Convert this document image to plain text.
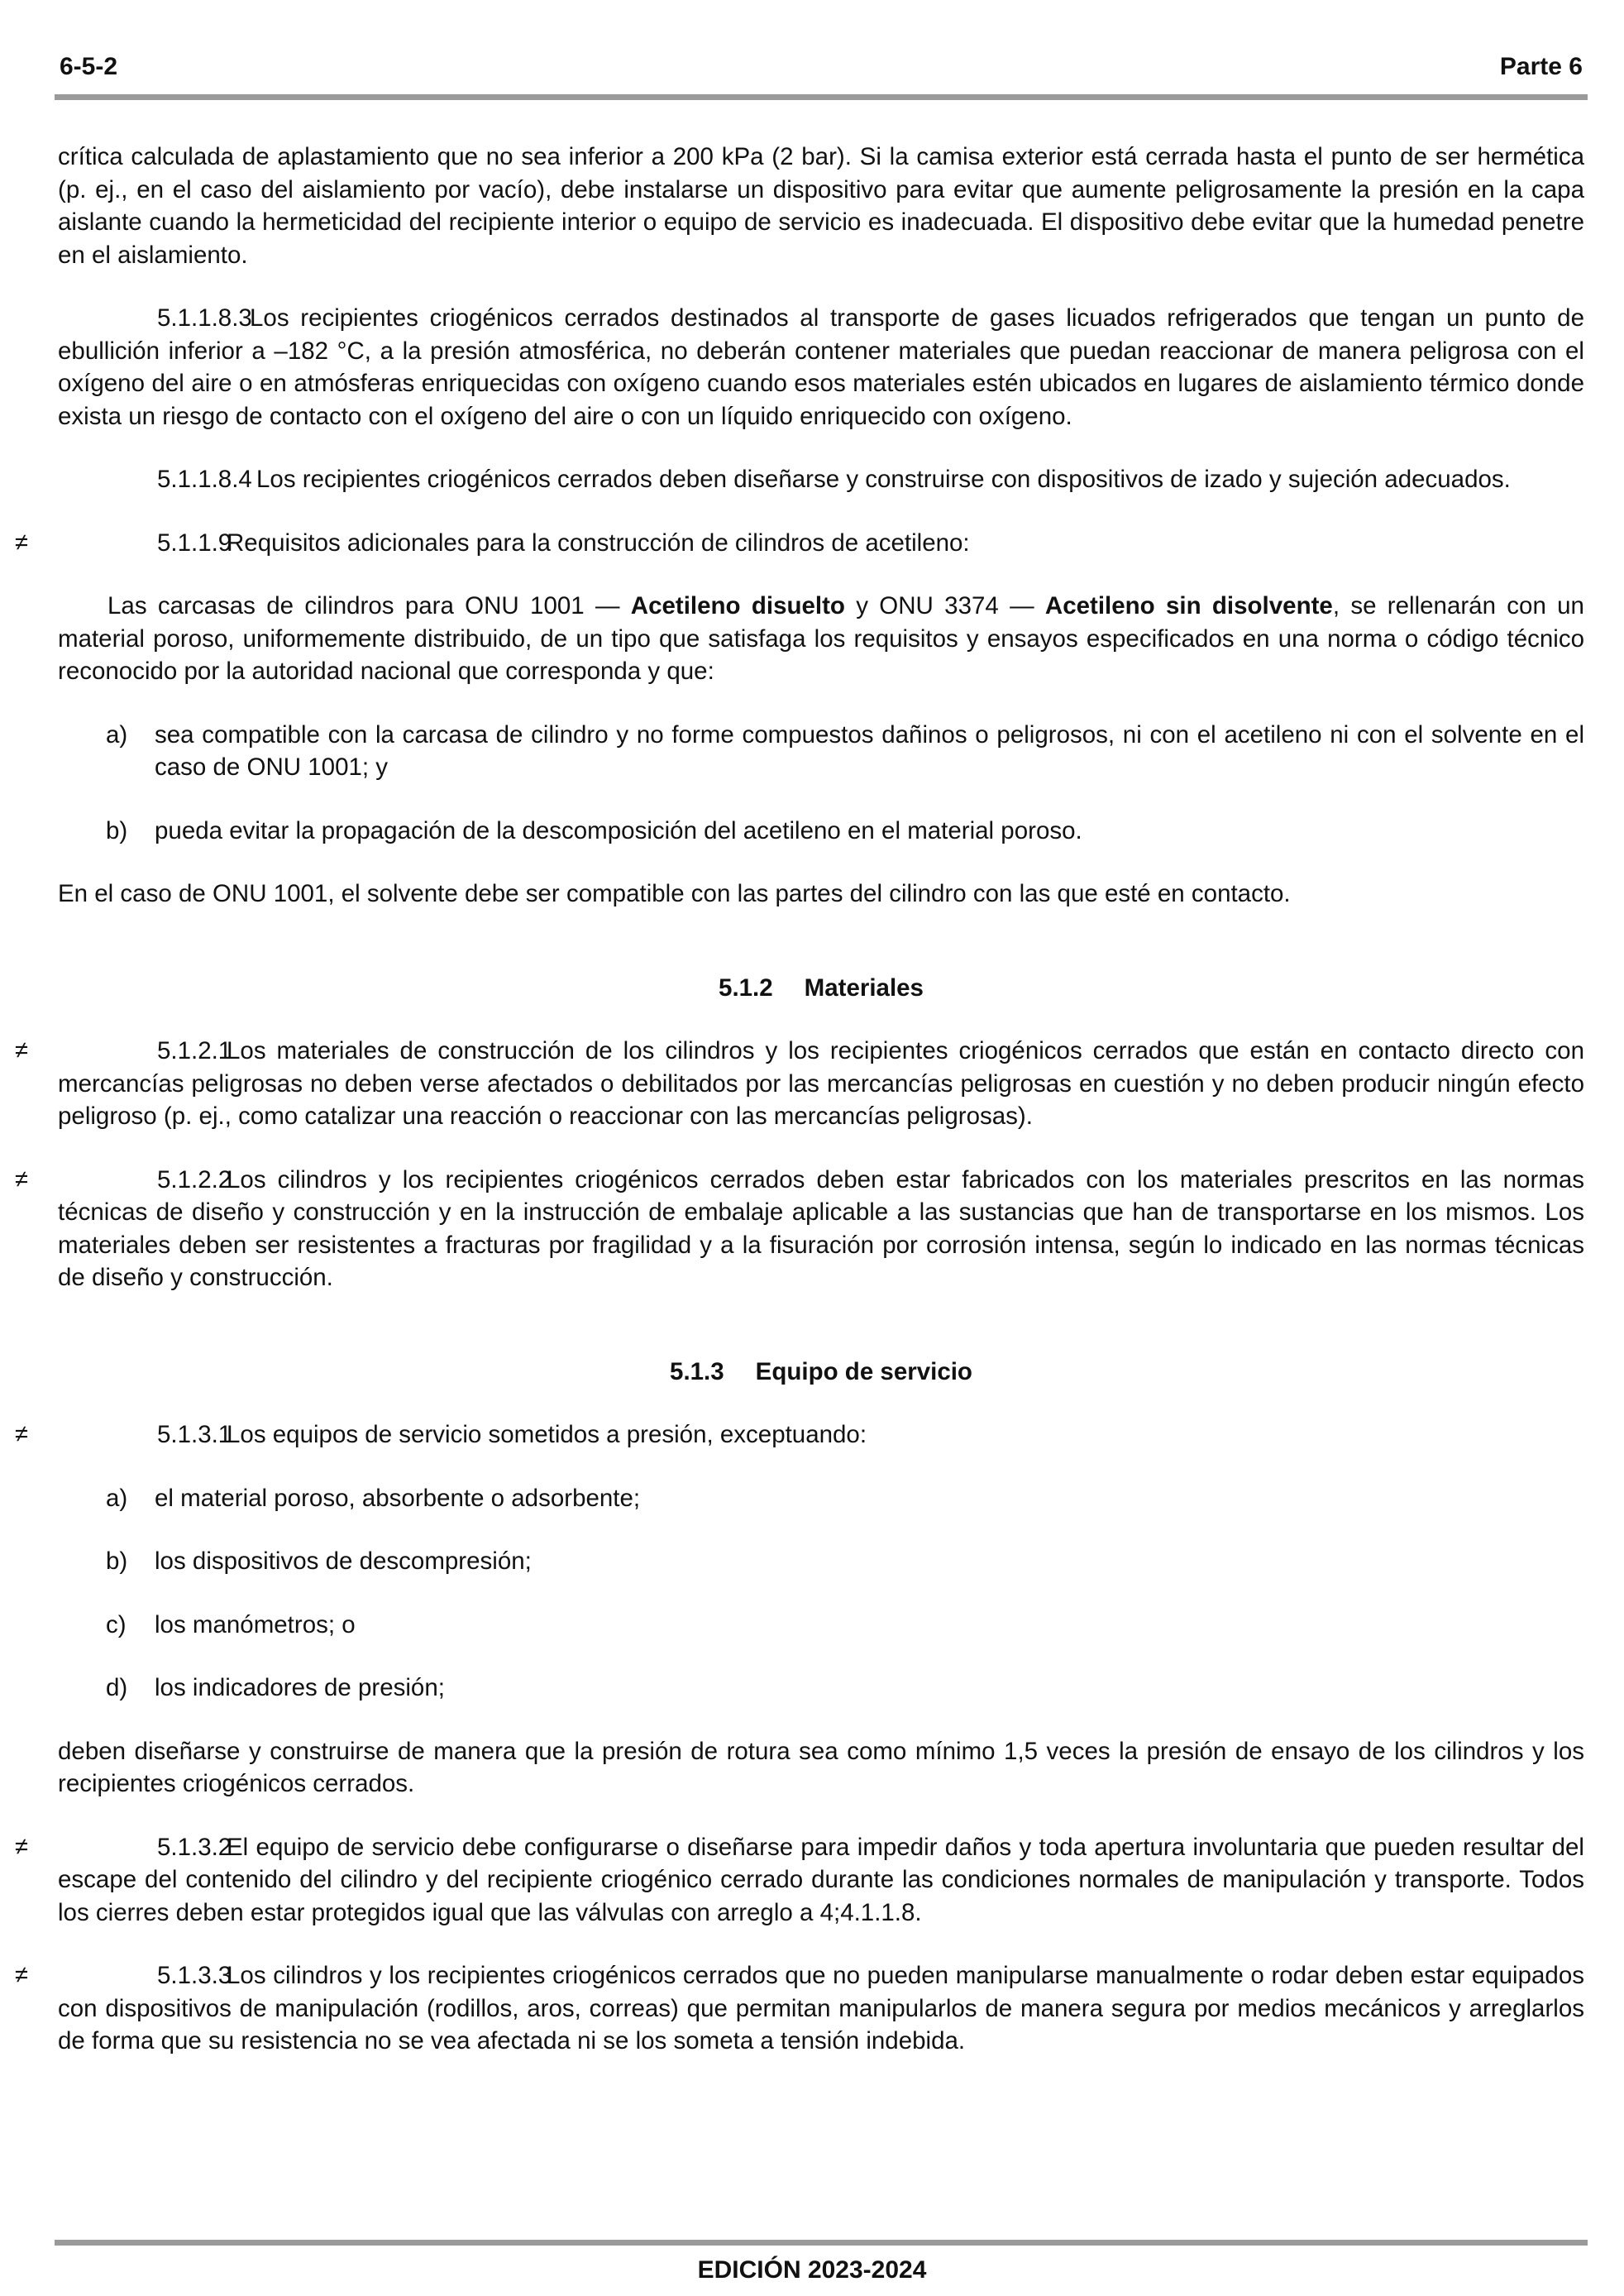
6-5-2	Parte 6

crítica calculada de aplastamiento que no sea inferior a 200 kPa (2 bar). Si la camisa exterior está cerrada hasta el punto de ser hermética (p. ej., en el caso del aislamiento por vacío), debe instalarse un dispositivo para evitar que aumente peligrosamente la presión en la capa aislante cuando la hermeticidad del recipiente interior o equipo de servicio es inadecuada. El dispositivo debe evitar que la humedad penetre en el aislamiento.

5.1.1.8.3Los recipientes criogénicos cerrados destinados al transporte de gases licuados refrigerados que tengan un punto de ebullición inferior a –182 °C, a la presión atmosférica, no deberán contener materiales que puedan reaccionar de manera peligrosa con el oxígeno del aire o en atmósferas enriquecidas con oxígeno cuando esos materiales estén ubicados en lugares de aislamiento térmico donde exista un riesgo de contacto con el oxígeno del aire o con un líquido enriquecido con oxígeno.

5.1.1.8.4 Los recipientes criogénicos cerrados deben diseñarse y construirse con dispositivos de izado y sujeción adecuados.

≠	5.1.1.9Requisitos adicionales para la construcción de cilindros de acetileno:

Las carcasas de cilindros para ONU 1001 — Acetileno disuelto y ONU 3374 — Acetileno sin disolvente, se rellenarán con un material poroso, uniformemente distribuido, de un tipo que satisfaga los requisitos y ensayos especificados en una norma o código técnico reconocido por la autoridad nacional que corresponda y que:

a) sea compatible con la carcasa de cilindro y no forme compuestos dañinos o peligrosos, ni con el acetileno ni con el solvente en el caso de ONU 1001; y
b) pueda evitar la propagación de la descomposición del acetileno en el material poroso.

En el caso de ONU 1001, el solvente debe ser compatible con las partes del cilindro con las que esté en contacto.

5.1.2 Materiales

≠	5.1.2.1Los materiales de construcción de los cilindros y los recipientes criogénicos cerrados que están en contacto directo con mercancías peligrosas no deben verse afectados o debilitados por las mercancías peligrosas en cuestión y no deben producir ningún efecto peligroso (p. ej., como catalizar una reacción o reaccionar con las mercancías peligrosas).

≠	5.1.2.2Los cilindros y los recipientes criogénicos cerrados deben estar fabricados con los materiales prescritos en las normas técnicas de diseño y construcción y en la instrucción de embalaje aplicable a las sustancias que han de transportarse en los mismos. Los materiales deben ser resistentes a fracturas por fragilidad y a la fisuración por corrosión intensa, según lo indicado en las normas técnicas de diseño y construcción.

5.1.3 Equipo de servicio

≠	5.1.3.1Los equipos de servicio sometidos a presión, exceptuando:

a) el material poroso, absorbente o adsorbente;
b) los dispositivos de descompresión;
c) los manómetros; o
d) los indicadores de presión;

deben diseñarse y construirse de manera que la presión de rotura sea como mínimo 1,5 veces la presión de ensayo de los cilindros y los recipientes criogénicos cerrados.

≠	5.1.3.2El equipo de servicio debe configurarse o diseñarse para impedir daños y toda apertura involuntaria que pueden resultar del escape del contenido del cilindro y del recipiente criogénico cerrado durante las condiciones normales de manipulación y transporte. Todos los cierres deben estar protegidos igual que las válvulas con arreglo a 4;4.1.1.8.

≠	5.1.3.3Los cilindros y los recipientes criogénicos cerrados que no pueden manipularse manualmente o rodar deben estar equipados con dispositivos de manipulación (rodillos, aros, correas) que permitan manipularlos de manera segura por medios mecánicos y arreglarlos de forma que su resistencia no se vea afectada ni se los someta a tensión indebida.

EDICIÓN 2023-2024
